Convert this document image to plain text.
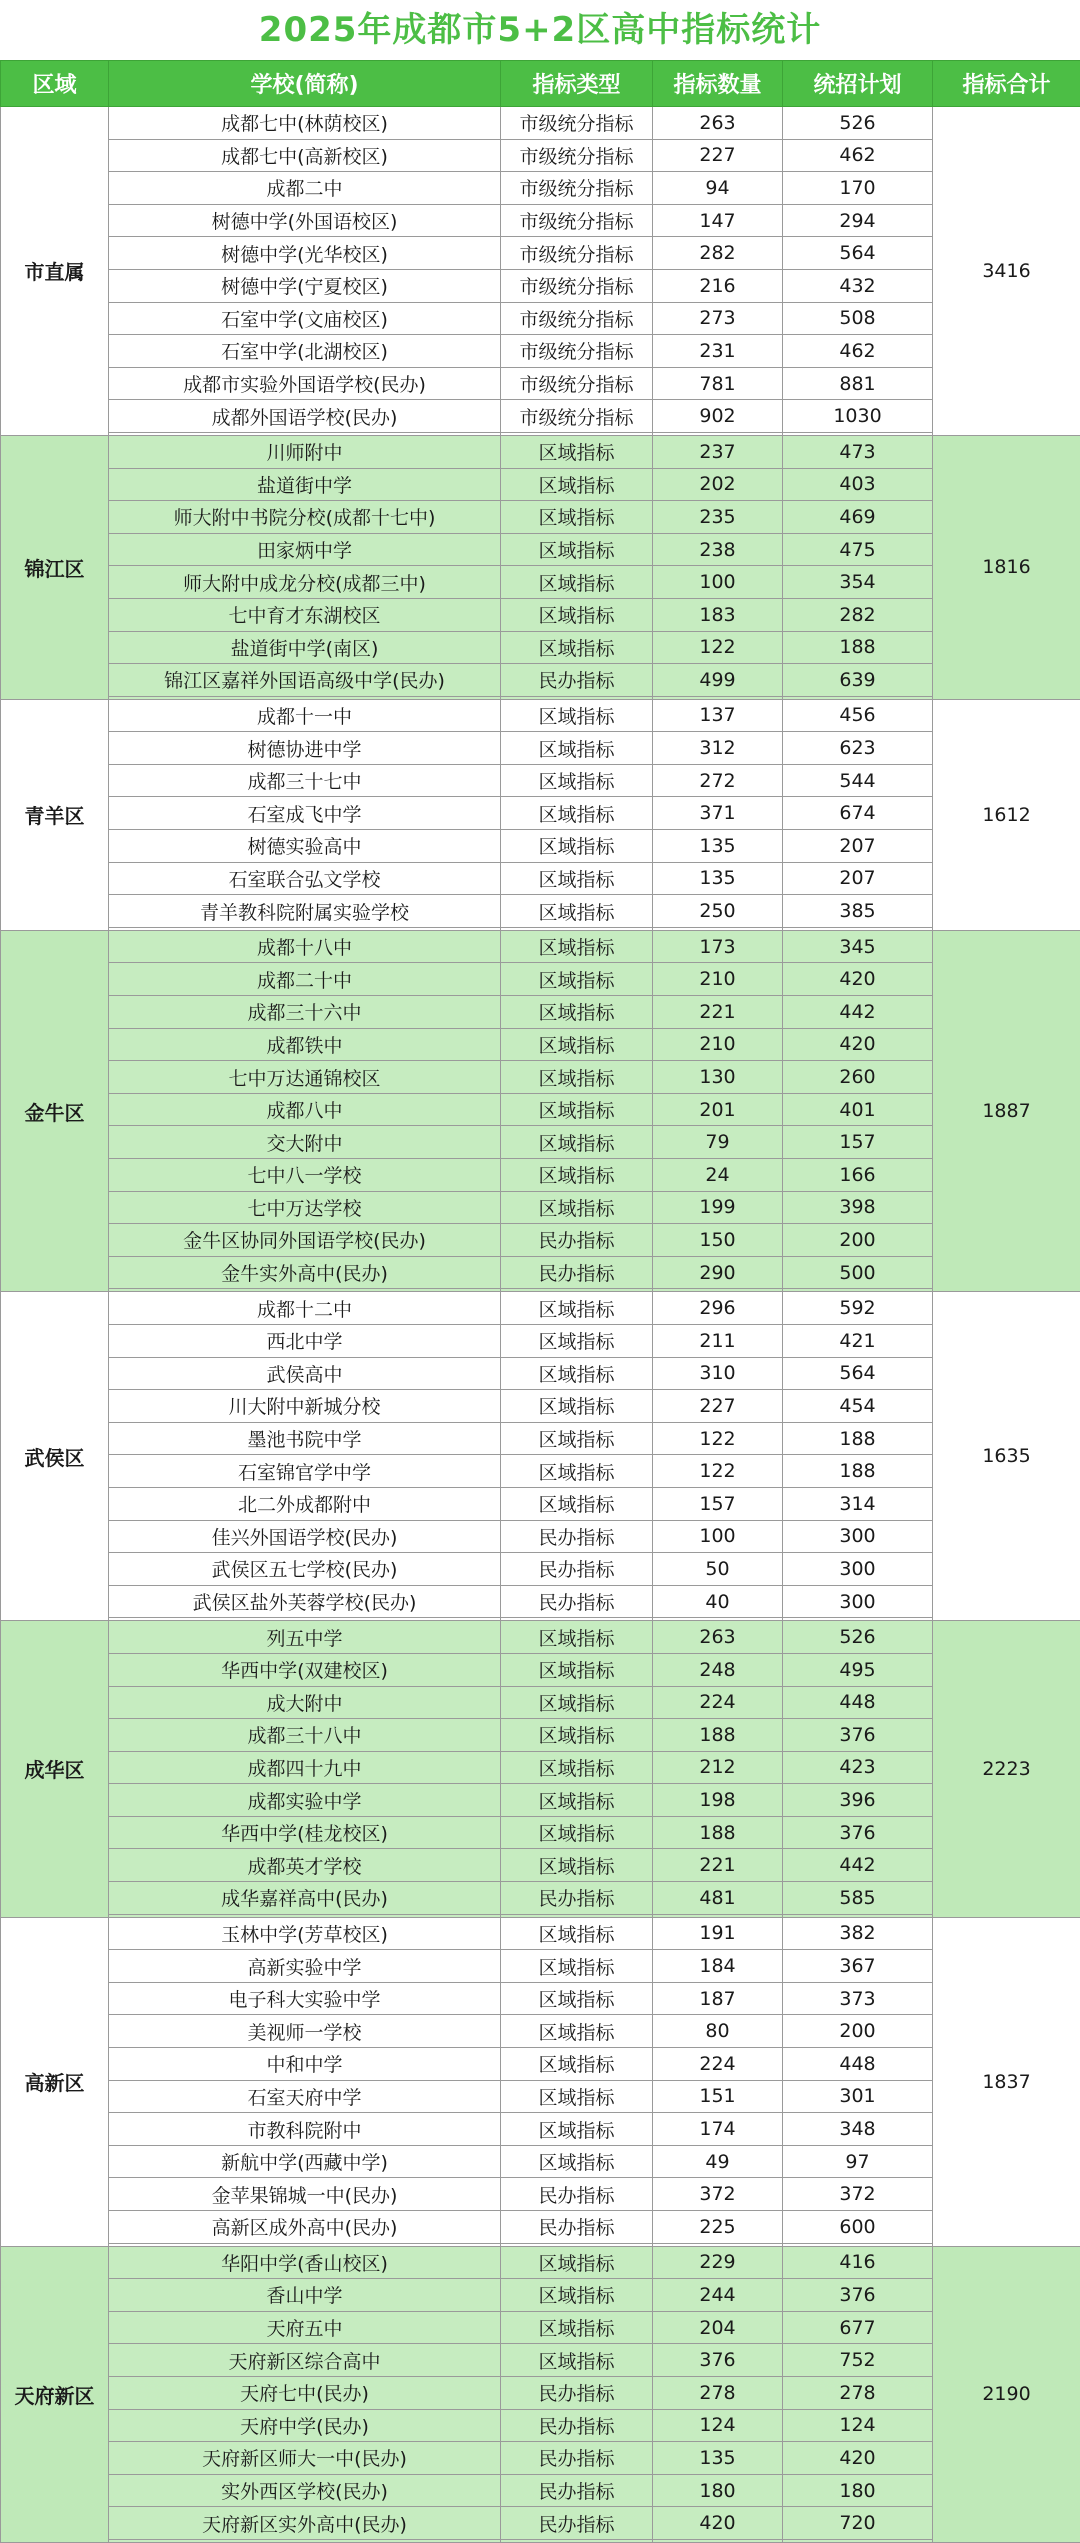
2025年成都市5+2区高中指标统计
区域	学校(简称)	指标类型	指标数量	统招计划	指标合计
市直属	成都七中(林荫校区)	市级统分指标	263	526	3416
	成都七中(高新校区)	市级统分指标	227	462	
	成都二中	市级统分指标	94	170	
	树德中学(外国语校区)	市级统分指标	147	294	
	树德中学(光华校区)	市级统分指标	282	564	
	树德中学(宁夏校区)	市级统分指标	216	432	
	石室中学(文庙校区)	市级统分指标	273	508	
	石室中学(北湖校区)	市级统分指标	231	462	
	成都市实验外国语学校(民办)	市级统分指标	781	881	
	成都外国语学校(民办)	市级统分指标	902	1030	

锦江区	川师附中	区域指标	237	473	1816
	盐道街中学	区域指标	202	403	
	师大附中书院分校(成都十七中)	区域指标	235	469	
	田家炳中学	区域指标	238	475	
	师大附中成龙分校(成都三中)	区域指标	100	354	
	七中育才东湖校区	区域指标	183	282	
	盐道街中学(南区)	区域指标	122	188	
	锦江区嘉祥外国语高级中学(民办)	民办指标	499	639	

青羊区	成都十一中	区域指标	137	456	1612
	树德协进中学	区域指标	312	623	
	成都三十七中	区域指标	272	544	
	石室成飞中学	区域指标	371	674	
	树德实验高中	区域指标	135	207	
	石室联合弘文学校	区域指标	135	207	
	青羊教科院附属实验学校	区域指标	250	385	

金牛区	成都十八中	区域指标	173	345	1887
	成都二十中	区域指标	210	420	
	成都三十六中	区域指标	221	442	
	成都铁中	区域指标	210	420	
	七中万达通锦校区	区域指标	130	260	
	成都八中	区域指标	201	401	
	交大附中	区域指标	79	157	
	七中八一学校	区域指标	24	166	
	七中万达学校	区域指标	199	398	
	金牛区协同外国语学校(民办)	民办指标	150	200	
	金牛实外高中(民办)	民办指标	290	500	

武侯区	成都十二中	区域指标	296	592	1635
	西北中学	区域指标	211	421	
	武侯高中	区域指标	310	564	
	川大附中新城分校	区域指标	227	454	
	墨池书院中学	区域指标	122	188	
	石室锦官学中学	区域指标	122	188	
	北二外成都附中	区域指标	157	314	
	佳兴外国语学校(民办)	民办指标	100	300	
	武侯区五七学校(民办)	民办指标	50	300	
	武侯区盐外芙蓉学校(民办)	民办指标	40	300	

成华区	列五中学	区域指标	263	526	2223
	华西中学(双建校区)	区域指标	248	495	
	成大附中	区域指标	224	448	
	成都三十八中	区域指标	188	376	
	成都四十九中	区域指标	212	423	
	成都实验中学	区域指标	198	396	
	华西中学(桂龙校区)	区域指标	188	376	
	成都英才学校	区域指标	221	442	
	成华嘉祥高中(民办)	民办指标	481	585	

高新区	玉林中学(芳草校区)	区域指标	191	382	1837
	高新实验中学	区域指标	184	367	
	电子科大实验中学	区域指标	187	373	
	美视师一学校	区域指标	80	200	
	中和中学	区域指标	224	448	
	石室天府中学	区域指标	151	301	
	市教科院附中	区域指标	174	348	
	新航中学(西藏中学)	区域指标	49	97	
	金苹果锦城一中(民办)	民办指标	372	372	
	高新区成外高中(民办)	民办指标	225	600	

天府新区	华阳中学(香山校区)	区域指标	229	416	2190
	香山中学	区域指标	244	376	
	天府五中	区域指标	204	677	
	天府新区综合高中	区域指标	376	752	
	天府七中(民办)	民办指标	278	278	
	天府中学(民办)	民办指标	124	124	
	天府新区师大一中(民办)	民办指标	135	420	
	实外西区学校(民办)	民办指标	180	180	
	天府新区实外高中(民办)	民办指标	420	720	
